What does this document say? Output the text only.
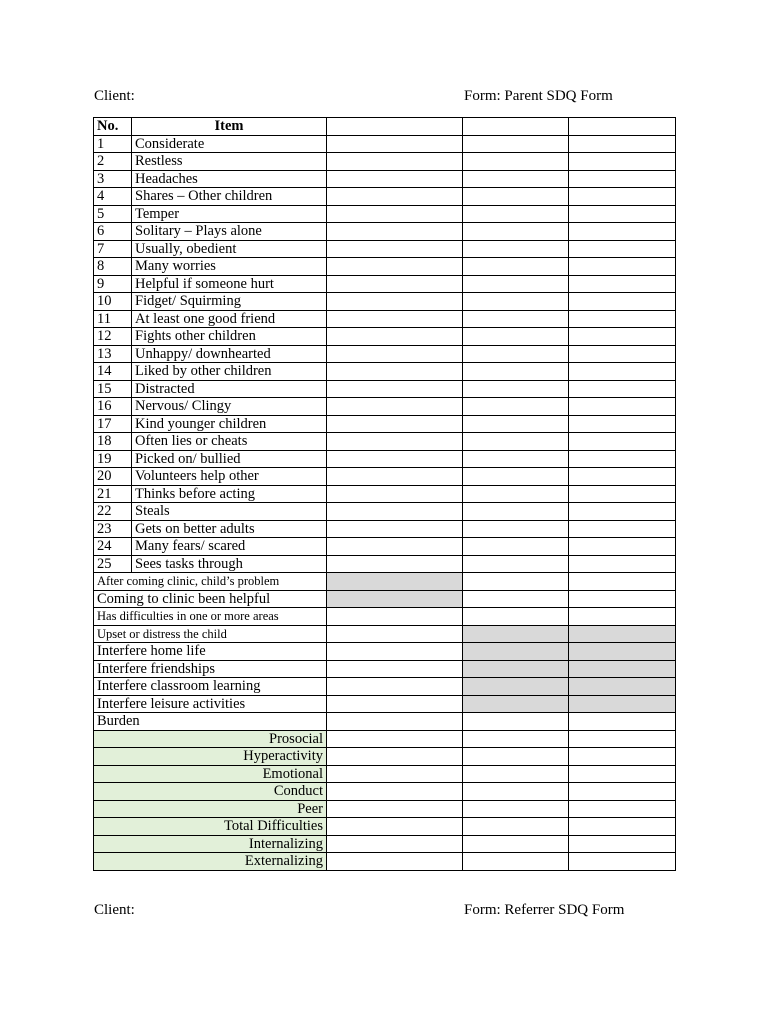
Client:	Form: Parent SDQ Form
No.	Item			
1	Considerate			
2	Restless			
3	Headaches			
4	Shares – Other children			
5	Temper			
6	Solitary – Plays alone			
7	Usually, obedient			
8	Many worries			
9	Helpful if someone hurt			
10	Fidget/ Squirming			
11	At least one good friend			
12	Fights other children			
13	Unhappy/ downhearted			
14	Liked by other children			
15	Distracted			
16	Nervous/ Clingy			
17	Kind younger children			
18	Often lies or cheats			
19	Picked on/ bullied			
20	Volunteers help other			
21	Thinks before acting			
22	Steals			
23	Gets on better adults			
24	Many fears/ scared			
25	Sees tasks through			
After coming clinic, child’s problem				
Coming to clinic been helpful				
Has difficulties in one or more areas				
Upset or distress the child				
Interfere home life				
Interfere friendships				
Interfere classroom learning				
Interfere leisure activities				
Burden				
Prosocial				
Hyperactivity				
Emotional				
Conduct				
Peer				
Total Difficulties				
Internalizing				
Externalizing				
Client:	Form: Referrer SDQ Form
